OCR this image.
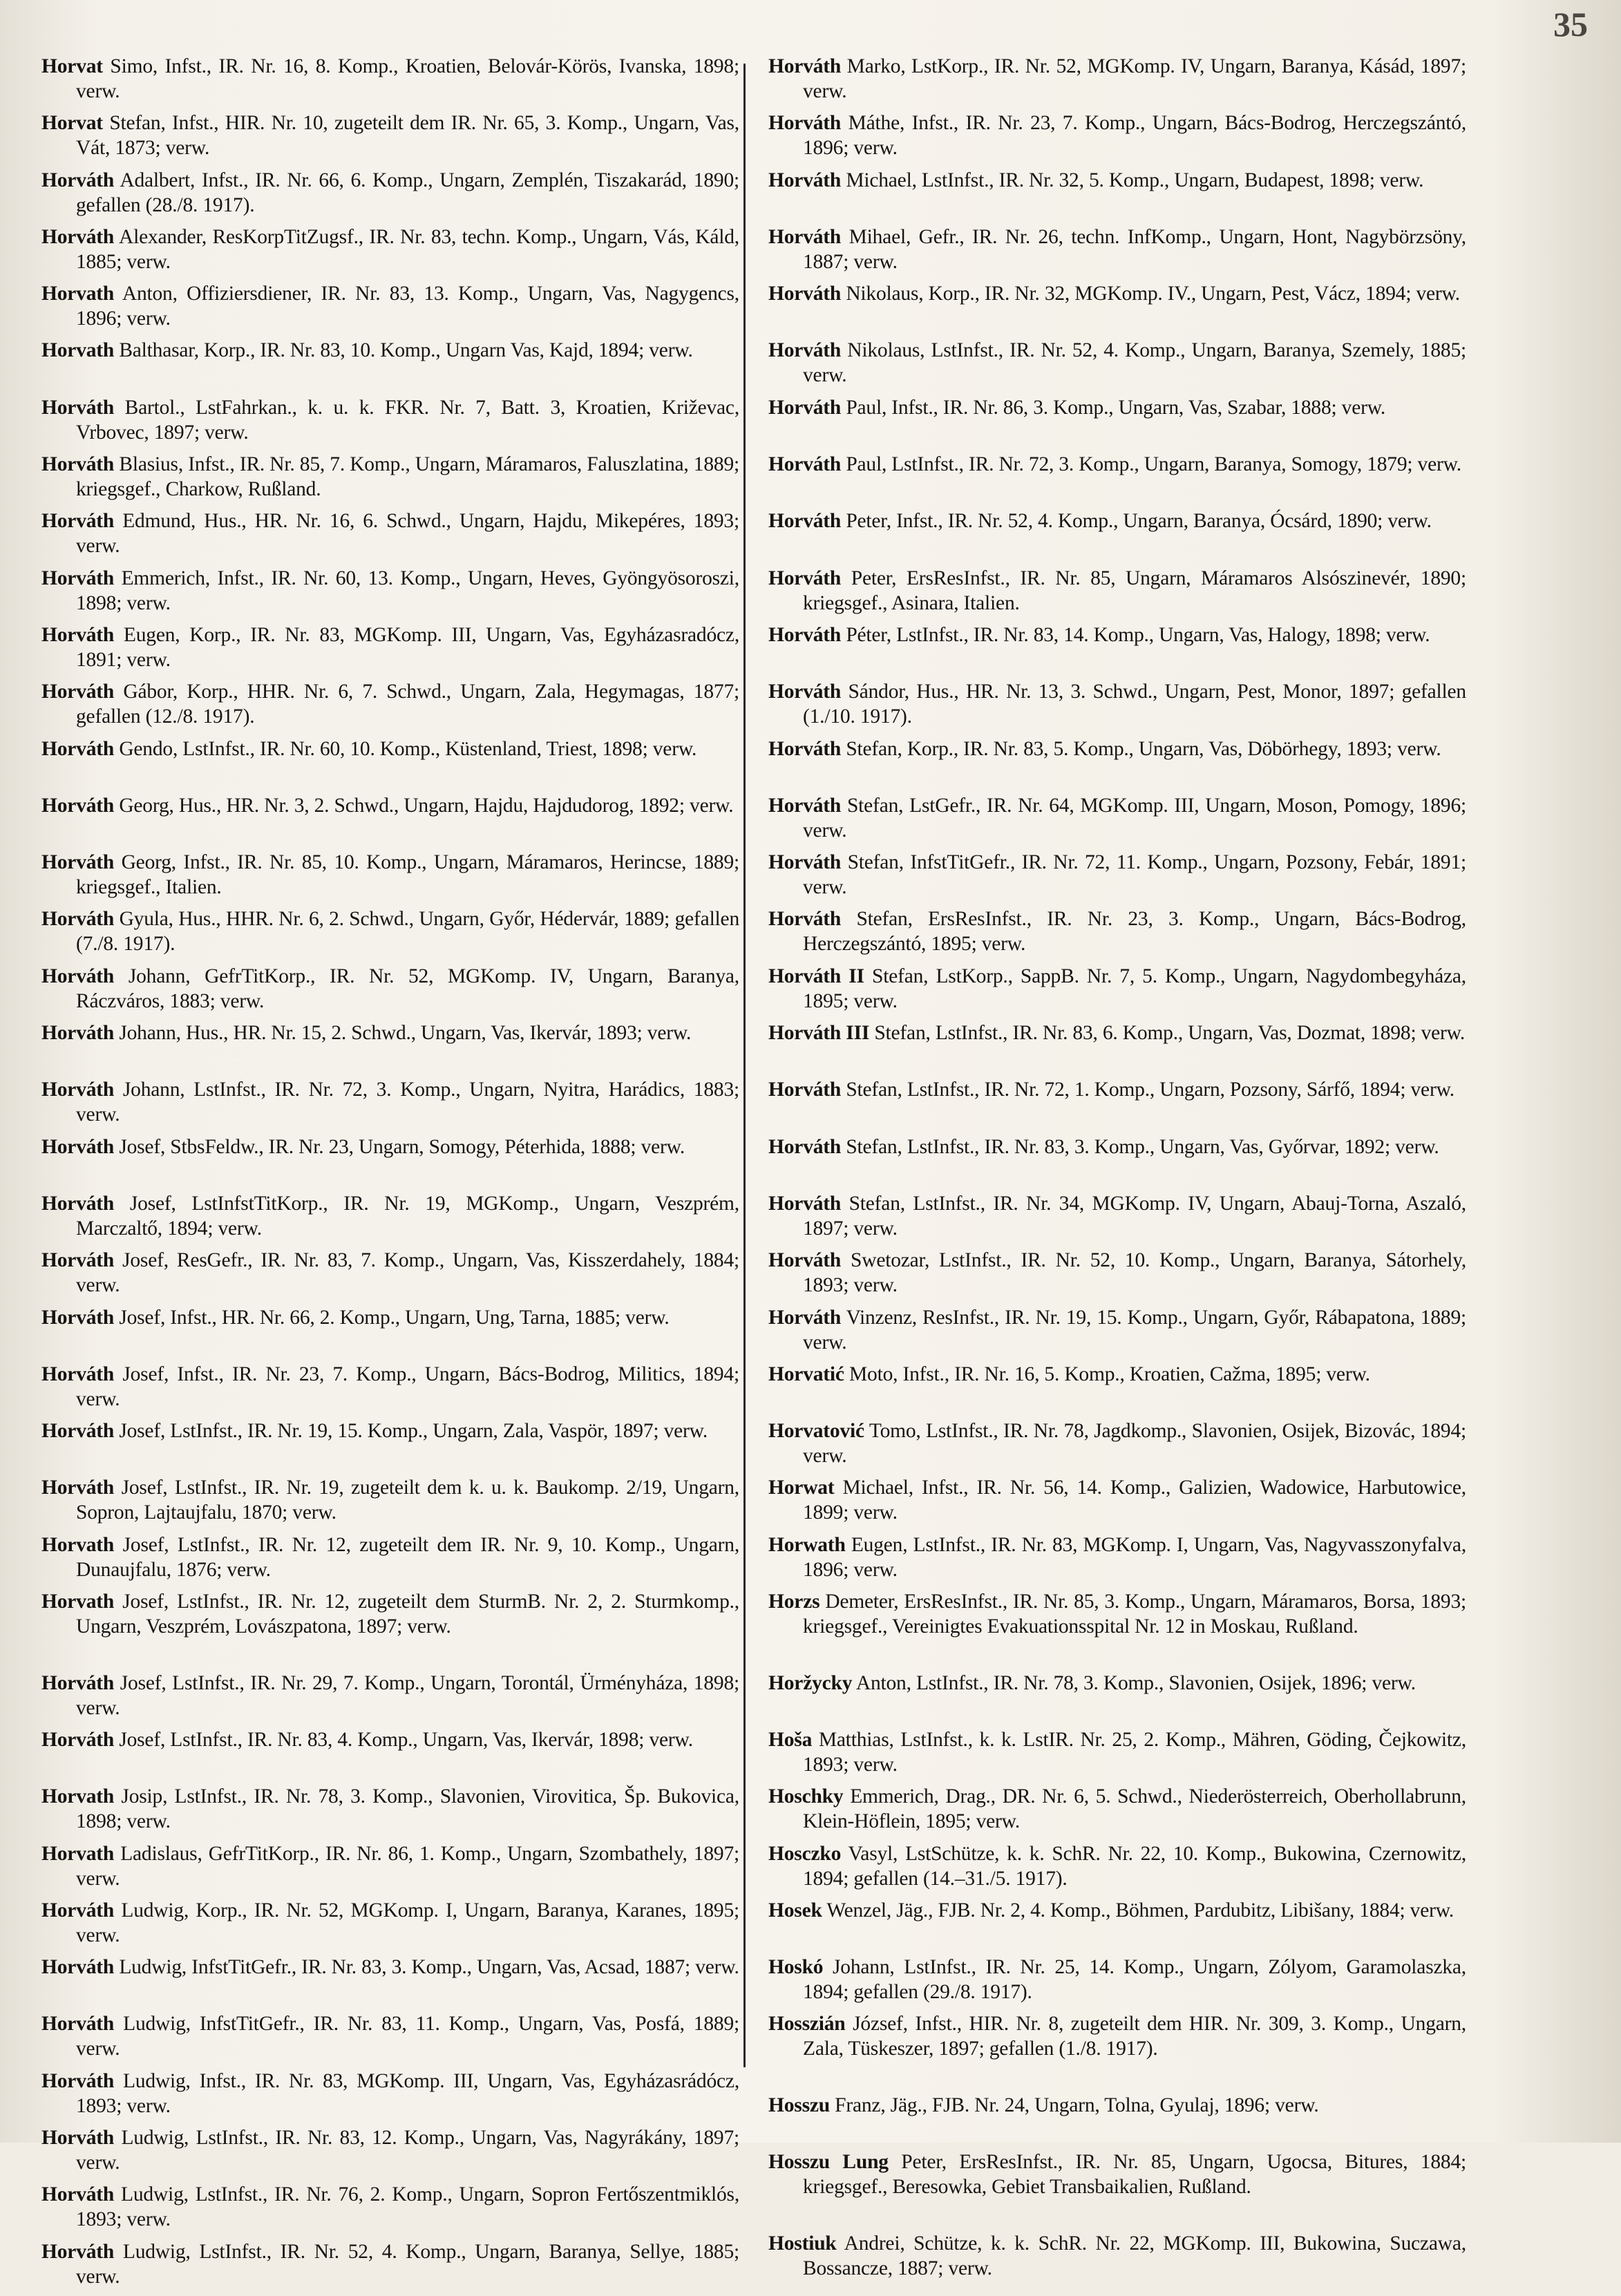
35
Horvat Simo, Infst., IR. Nr. 16, 8. Komp., Kroatien, Belovár-Körös, Ivanska, 1898; verw.
Horvat Stefan, Infst., HIR. Nr. 10, zugeteilt dem IR. Nr. 65, 3. Komp., Ungarn, Vas, Vát, 1873; verw.
Horváth Adalbert, Infst., IR. Nr. 66, 6. Komp., Ungarn, Zemplén, Tiszakarád, 1890; gefallen (28./8. 1917).
Horváth Alexander, ResKorpTitZugsf., IR. Nr. 83, techn. Komp., Ungarn, Vás, Káld, 1885; verw.
Horvath Anton, Offiziersdiener, IR. Nr. 83, 13. Komp., Ungarn, Vas, Nagygencs, 1896; verw.
Horvath Balthasar, Korp., IR. Nr. 83, 10. Komp., Ungarn Vas, Kajd, 1894; verw.
Horváth Bartol., LstFahrkan., k. u. k. FKR. Nr. 7, Batt. 3, Kroatien, Križevac, Vrbovec, 1897; verw.
Horváth Blasius, Infst., IR. Nr. 85, 7. Komp., Ungarn, Máramaros, Faluszlatina, 1889; kriegsgef., Charkow, Rußland.
Horváth Edmund, Hus., HR. Nr. 16, 6. Schwd., Ungarn, Hajdu, Mikepéres, 1893; verw.
Horváth Emmerich, Infst., IR. Nr. 60, 13. Komp., Ungarn, Heves, Gyöngyösoroszi, 1898; verw.
Horváth Eugen, Korp., IR. Nr. 83, MGKomp. III, Ungarn, Vas, Egyházasradócz, 1891; verw.
Horváth Gábor, Korp., HHR. Nr. 6, 7. Schwd., Ungarn, Zala, Hegymagas, 1877; gefallen (12./8. 1917).
Horváth Gendo, LstInfst., IR. Nr. 60, 10. Komp., Küstenland, Triest, 1898; verw.
Horváth Georg, Hus., HR. Nr. 3, 2. Schwd., Ungarn, Hajdu, Hajdudorog, 1892; verw.
Horváth Georg, Infst., IR. Nr. 85, 10. Komp., Ungarn, Máramaros, Herincse, 1889; kriegsgef., Italien.
Horváth Gyula, Hus., HHR. Nr. 6, 2. Schwd., Ungarn, Győr, Hédervár, 1889; gefallen (7./8. 1917).
Horváth Johann, GefrTitKorp., IR. Nr. 52, MGKomp. IV, Ungarn, Baranya, Ráczváros, 1883; verw.
Horváth Johann, Hus., HR. Nr. 15, 2. Schwd., Ungarn, Vas, Ikervár, 1893; verw.
Horváth Johann, LstInfst., IR. Nr. 72, 3. Komp., Ungarn, Nyitra, Harádics, 1883; verw.
Horváth Josef, StbsFeldw., IR. Nr. 23, Ungarn, Somogy, Péterhida, 1888; verw.
Horváth Josef, LstInfstTitKorp., IR. Nr. 19, MGKomp., Ungarn, Veszprém, Marczaltő, 1894; verw.
Horváth Josef, ResGefr., IR. Nr. 83, 7. Komp., Ungarn, Vas, Kisszerdahely, 1884; verw.
Horváth Josef, Infst., HR. Nr. 66, 2. Komp., Ungarn, Ung, Tarna, 1885; verw.
Horváth Josef, Infst., IR. Nr. 23, 7. Komp., Ungarn, Bács-Bodrog, Militics, 1894; verw.
Horváth Josef, LstInfst., IR. Nr. 19, 15. Komp., Ungarn, Zala, Vaspör, 1897; verw.
Horváth Josef, LstInfst., IR. Nr. 19, zugeteilt dem k. u. k. Baukomp. 2/19, Ungarn, Sopron, Lajtaujfalu, 1870; verw.
Horvath Josef, LstInfst., IR. Nr. 12, zugeteilt dem IR. Nr. 9, 10. Komp., Ungarn, Dunaujfalu, 1876; verw.
Horvath Josef, LstInfst., IR. Nr. 12, zugeteilt dem SturmB. Nr. 2, 2. Sturmkomp., Ungarn, Veszprém, Lovászpatona, 1897; verw.
Horváth Josef, LstInfst., IR. Nr. 29, 7. Komp., Ungarn, Torontál, Ürményháza, 1898; verw.
Horváth Josef, LstInfst., IR. Nr. 83, 4. Komp., Ungarn, Vas, Ikervár, 1898; verw.
Horvath Josip, LstInfst., IR. Nr. 78, 3. Komp., Slavonien, Virovitica, Šp. Bukovica, 1898; verw.
Horvath Ladislaus, GefrTitKorp., IR. Nr. 86, 1. Komp., Ungarn, Szombathely, 1897; verw.
Horváth Ludwig, Korp., IR. Nr. 52, MGKomp. I, Ungarn, Baranya, Karanes, 1895; verw.
Horváth Ludwig, InfstTitGefr., IR. Nr. 83, 3. Komp., Ungarn, Vas, Acsad, 1887; verw.
Horváth Ludwig, InfstTitGefr., IR. Nr. 83, 11. Komp., Ungarn, Vas, Posfá, 1889; verw.
Horváth Ludwig, Infst., IR. Nr. 83, MGKomp. III, Ungarn, Vas, Egyházasrádócz, 1893; verw.
Horváth Ludwig, LstInfst., IR. Nr. 83, 12. Komp., Ungarn, Vas, Nagyrákány, 1897; verw.
Horváth Ludwig, LstInfst., IR. Nr. 76, 2. Komp., Ungarn, Sopron Fertőszentmiklós, 1893; verw.
Horváth Ludwig, LstInfst., IR. Nr. 52, 4. Komp., Ungarn, Baranya, Sellye, 1885; verw.
Horváth Marko, LstKorp., IR. Nr. 52, MGKomp. IV, Ungarn, Baranya, Kásád, 1897; verw.
Horváth Máthe, Infst., IR. Nr. 23, 7. Komp., Ungarn, Bács-Bodrog, Herczegszántó, 1896; verw.
Horváth Michael, LstInfst., IR. Nr. 32, 5. Komp., Ungarn, Budapest, 1898; verw.
Horváth Mihael, Gefr., IR. Nr. 26, techn. InfKomp., Ungarn, Hont, Nagybörzsöny, 1887; verw.
Horváth Nikolaus, Korp., IR. Nr. 32, MGKomp. IV., Ungarn, Pest, Vácz, 1894; verw.
Horváth Nikolaus, LstInfst., IR. Nr. 52, 4. Komp., Ungarn, Baranya, Szemely, 1885; verw.
Horváth Paul, Infst., IR. Nr. 86, 3. Komp., Ungarn, Vas, Szabar, 1888; verw.
Horváth Paul, LstInfst., IR. Nr. 72, 3. Komp., Ungarn, Baranya, Somogy, 1879; verw.
Horváth Peter, Infst., IR. Nr. 52, 4. Komp., Ungarn, Baranya, Ócsárd, 1890; verw.
Horváth Peter, ErsResInfst., IR. Nr. 85, Ungarn, Máramaros Alsószinevér, 1890; kriegsgef., Asinara, Italien.
Horváth Péter, LstInfst., IR. Nr. 83, 14. Komp., Ungarn, Vas, Halogy, 1898; verw.
Horváth Sándor, Hus., HR. Nr. 13, 3. Schwd., Ungarn, Pest, Monor, 1897; gefallen (1./10. 1917).
Horváth Stefan, Korp., IR. Nr. 83, 5. Komp., Ungarn, Vas, Döbörhegy, 1893; verw.
Horváth Stefan, LstGefr., IR. Nr. 64, MGKomp. III, Ungarn, Moson, Pomogy, 1896; verw.
Horváth Stefan, InfstTitGefr., IR. Nr. 72, 11. Komp., Ungarn, Pozsony, Febár, 1891; verw.
Horváth Stefan, ErsResInfst., IR. Nr. 23, 3. Komp., Ungarn, Bács-Bodrog, Herczegszántó, 1895; verw.
Horváth II Stefan, LstKorp., SappB. Nr. 7, 5. Komp., Ungarn, Nagydombegyháza, 1895; verw.
Horváth III Stefan, LstInfst., IR. Nr. 83, 6. Komp., Ungarn, Vas, Dozmat, 1898; verw.
Horváth Stefan, LstInfst., IR. Nr. 72, 1. Komp., Ungarn, Pozsony, Sárfő, 1894; verw.
Horváth Stefan, LstInfst., IR. Nr. 83, 3. Komp., Ungarn, Vas, Győrvar, 1892; verw.
Horváth Stefan, LstInfst., IR. Nr. 34, MGKomp. IV, Ungarn, Abauj-Torna, Aszaló, 1897; verw.
Horváth Swetozar, LstInfst., IR. Nr. 52, 10. Komp., Ungarn, Baranya, Sátorhely, 1893; verw.
Horváth Vinzenz, ResInfst., IR. Nr. 19, 15. Komp., Ungarn, Győr, Rábapatona, 1889; verw.
Horvatić Moto, Infst., IR. Nr. 16, 5. Komp., Kroatien, Cažma, 1895; verw.
Horvatović Tomo, LstInfst., IR. Nr. 78, Jagdkomp., Slavonien, Osijek, Bizovác, 1894; verw.
Horwat Michael, Infst., IR. Nr. 56, 14. Komp., Galizien, Wadowice, Harbutowice, 1899; verw.
Horwath Eugen, LstInfst., IR. Nr. 83, MGKomp. I, Ungarn, Vas, Nagyvasszonyfalva, 1896; verw.
Horzs Demeter, ErsResInfst., IR. Nr. 85, 3. Komp., Ungarn, Máramaros, Borsa, 1893; kriegsgef., Vereinigtes Evakuationsspital Nr. 12 in Moskau, Rußland.
Horžycky Anton, LstInfst., IR. Nr. 78, 3. Komp., Slavonien, Osijek, 1896; verw.
Hoša Matthias, LstInfst., k. k. LstIR. Nr. 25, 2. Komp., Mähren, Göding, Čejkowitz, 1893; verw.
Hoschky Emmerich, Drag., DR. Nr. 6, 5. Schwd., Niederösterreich, Oberhollabrunn, Klein-Höflein, 1895; verw.
Hosczko Vasyl, LstSchütze, k. k. SchR. Nr. 22, 10. Komp., Bukowina, Czernowitz, 1894; gefallen (14.–31./5. 1917).
Hosek Wenzel, Jäg., FJB. Nr. 2, 4. Komp., Böhmen, Pardubitz, Libišany, 1884; verw.
Hoskó Johann, LstInfst., IR. Nr. 25, 14. Komp., Ungarn, Zólyom, Garamolaszka, 1894; gefallen (29./8. 1917).
Hosszián József, Infst., HIR. Nr. 8, zugeteilt dem HIR. Nr. 309, 3. Komp., Ungarn, Zala, Tüskeszer, 1897; gefallen (1./8. 1917).
Hosszu Franz, Jäg., FJB. Nr. 24, Ungarn, Tolna, Gyulaj, 1896; verw.
Hosszu Lung Peter, ErsResInfst., IR. Nr. 85, Ungarn, Ugocsa, Bitures, 1884; kriegsgef., Beresowka, Gebiet Transbaikalien, Rußland.
Hostiuk Andrei, Schütze, k. k. SchR. Nr. 22, MGKomp. III, Bukowina, Suczawa, Bossancze, 1887; verw.
